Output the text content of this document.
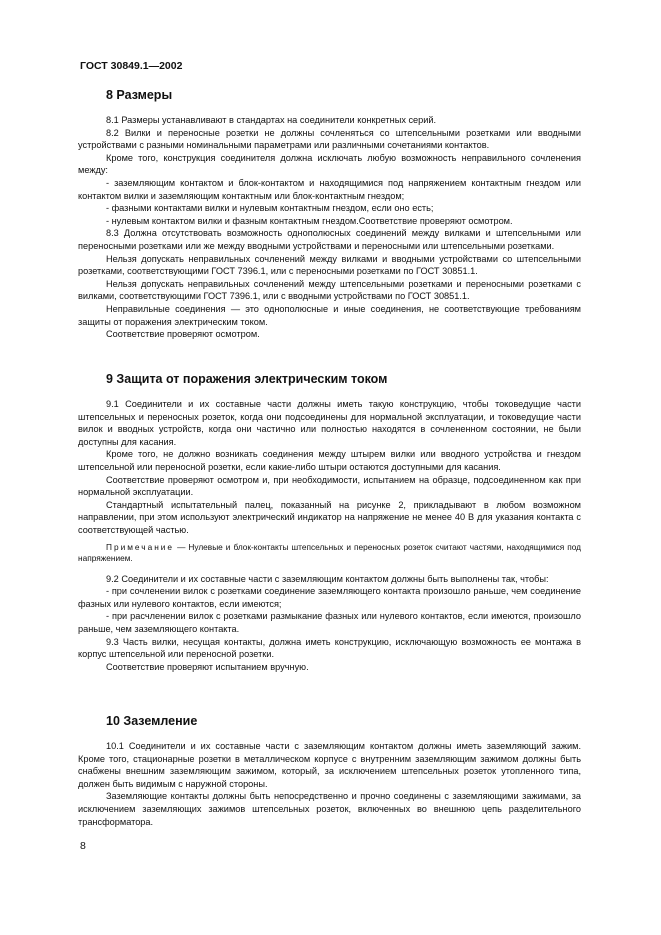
ГОСТ 30849.1—2002
8 Размеры

8.1 Размеры устанавливают в стандартах на соединители конкретных серий.

8.2 Вилки и переносные розетки не должны сочленяться со штепсельными розетками или вводными устройствами с разными номинальными параметрами или различными сочетаниями контактов.

Кроме того, конструкция соединителя должна исключать любую возможность неправильного сочленения между:

- заземляющим контактом и блок-контактом и находящимися под напряжением контактным гнездом или контактом вилки и заземляющим контактным или блок-контактным гнездом;

- фазными контактами вилки и нулевым контактным гнездом, если оно есть;

- нулевым контактом вилки и фазным контактным гнездом.Соответствие проверяют осмотром.

8.3 Должна отсутствовать возможность однополюсных соединений между вилками и штепсельными или переносными розетками или же между вводными устройствами и переносными или штепсельными розетками.

Нельзя допускать неправильных сочленений между вилками и вводными устройствами со штепсельными розетками, соответствующими ГОСТ 7396.1, или с переносными розетками по ГОСТ 30851.1.

Нельзя допускать неправильных сочленений между штепсельными розетками и переносными розетками с вилками, соответствующими ГОСТ 7396.1, или с вводными устройствами по ГОСТ 30851.1.

Неправильные соединения — это однополюсные и иные соединения, не соответствующие требованиям защиты от поражения электрическим током.

Соответствие проверяют осмотром.

9 Защита от поражения электрическим током

9.1 Соединители и их составные части должны иметь такую конструкцию, чтобы токоведущие части штепсельных и переносных розеток, когда они подсоединены для нормальной эксплуатации, и токоведущие части вилок и вводных устройств, когда они частично или полностью находятся в сочлененном состоянии, не были доступны для касания.

Кроме того, не должно возникать соединения между штырем вилки или вводного устройства и гнездом штепсельной или переносной розетки, если какие-либо штыри остаются доступными для касания.

Соответствие проверяют осмотром и, при необходимости, испытанием на образце, подсоединенном как при нормальной эксплуатации.

Стандартный испытательный палец, показанный на рисунке 2, прикладывают в любом возможном направлении, при этом используют электрический индикатор на напряжение не менее 40 В для указания контакта с соответствующей частью.

Примечание — Нулевые и блок-контакты штепсельных и переносных розеток считают частями, находящимися под напряжением.

9.2 Соединители и их составные части с заземляющим контактом должны быть выполнены так, чтобы:

- при сочленении вилок с розетками соединение заземляющего контакта произошло раньше, чем соединение фазных или нулевого контактов, если имеются;

- при расчленении вилок с розетками размыкание фазных или нулевого контактов, если имеются, произошло раньше, чем заземляющего контакта.

9.3 Часть вилки, несущая контакты, должна иметь конструкцию, исключающую возможность ее монтажа в корпус штепсельной или переносной розетки.

Соответствие проверяют испытанием вручную.

10 Заземление

10.1 Соединители и их составные части с заземляющим контактом должны иметь заземляющий зажим. Кроме того, стационарные розетки в металлическом корпусе с внутренним заземляющим зажимом должны быть снабжены внешним заземляющим зажимом, который, за исключением штепсельных розеток утопленного типа, должен быть видимым с наружной стороны.

Заземляющие контакты должны быть непосредственно и прочно соединены с заземляющими зажимами, за исключением заземляющих зажимов штепсельных розеток, включенных во внешнюю цепь разделительного трансформатора.

8
